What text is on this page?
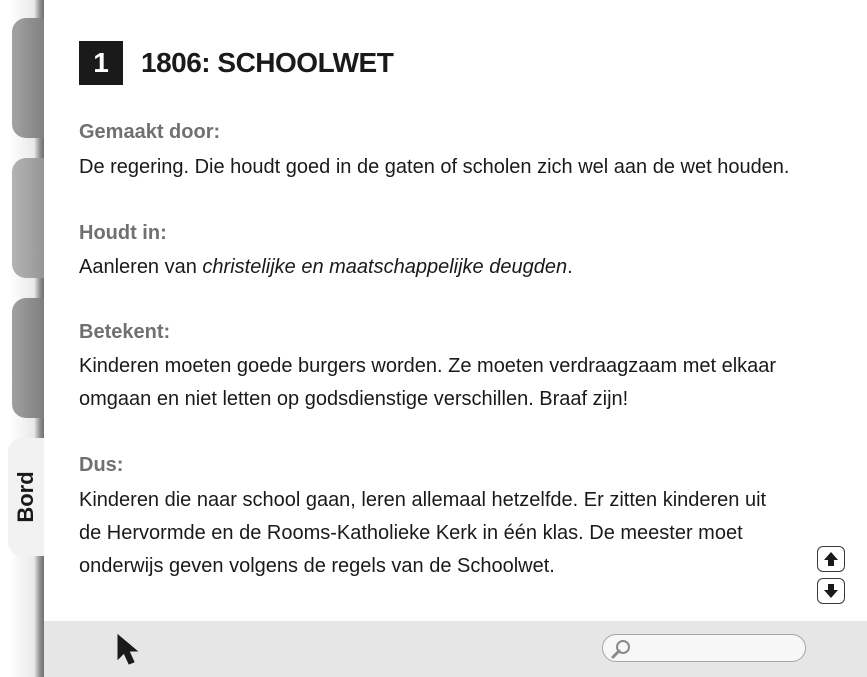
Bord
1	1806: SCHOOLWET
Gemaakt door:
De regering. Die houdt goed in de gaten of scholen zich wel aan de wet houden.
Houdt in:
Aanleren van christelijke en maatschappelijke deugden.
Betekent:
Kinderen moeten goede burgers worden. Ze moeten verdraagzaam met elkaar
omgaan en niet letten op godsdienstige verschillen. Braaf zijn!
Dus:
Kinderen die naar school gaan, leren allemaal hetzelfde. Er zitten kinderen uit
de Hervormde en de Rooms-Katholieke Kerk in één klas. De meester moet
onderwijs geven volgens de regels van de Schoolwet.
